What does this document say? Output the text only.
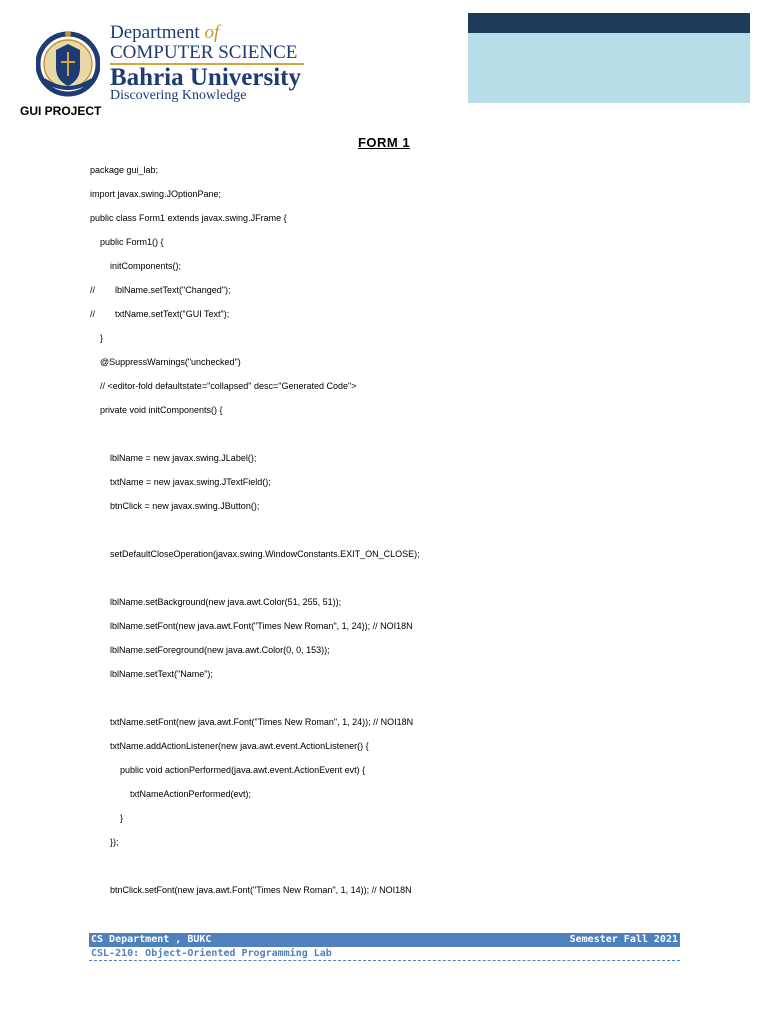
Department of
COMPUTER SCIENCE
Bahria University
Discovering Knowledge
GUI PROJECT
FORM 1
package gui_lab;
import javax.swing.JOptionPane;
public class Form1 extends javax.swing.JFrame {
public Form1() {
initComponents();
//        lblName.setText("Changed");
//        txtName.setText("GUI Text");
}
@SuppressWarnings("unchecked")
// <editor-fold defaultstate="collapsed" desc="Generated Code">
private void initComponents() {
lblName = new javax.swing.JLabel();
txtName = new javax.swing.JTextField();
btnClick = new javax.swing.JButton();
setDefaultCloseOperation(javax.swing.WindowConstants.EXIT_ON_CLOSE);
lblName.setBackground(new java.awt.Color(51, 255, 51));
lblName.setFont(new java.awt.Font("Times New Roman", 1, 24)); // NOI18N
lblName.setForeground(new java.awt.Color(0, 0, 153));
lblName.setText("Name");
txtName.setFont(new java.awt.Font("Times New Roman", 1, 24)); // NOI18N
txtName.addActionListener(new java.awt.event.ActionListener() {
public void actionPerformed(java.awt.event.ActionEvent evt) {
txtNameActionPerformed(evt);
}
});
btnClick.setFont(new java.awt.Font("Times New Roman", 1, 14)); // NOI18N
CS Department , BUKC	Semester Fall 2021
CSL-210: Object-Oriented Programming Lab
